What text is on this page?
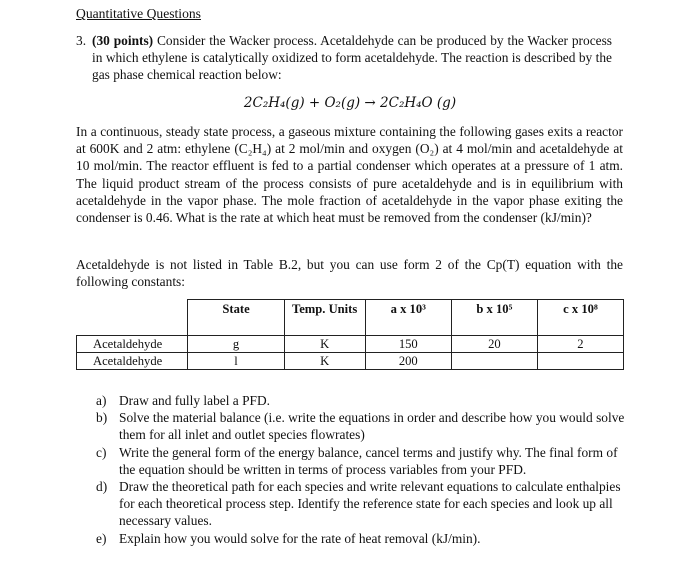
Quantitative Questions
3. (30 points) Consider the Wacker process. Acetaldehyde can be produced by the Wacker process in which ethylene is catalytically oxidized to form acetaldehyde. The reaction is described by the gas phase chemical reaction below:
2C₂H₄(g) + O₂(g) → 2C₂H₄O (g)
In a continuous, steady state process, a gaseous mixture containing the following gases exits a reactor at 600K and 2 atm: ethylene (C₂H₄) at 2 mol/min and oxygen (O₂) at 4 mol/min and acetaldehyde at 10 mol/min. The reactor effluent is fed to a partial condenser which operates at a pressure of 1 atm. The liquid product stream of the process consists of pure acetaldehyde and is in equilibrium with acetaldehyde in the vapor phase. The mole fraction of acetaldehyde in the vapor phase exiting the condenser is 0.46. What is the rate at which heat must be removed from the condenser (kJ/min)?
Acetaldehyde is not listed in Table B.2, but you can use form 2 of the Cp(T) equation with the following constants:
	State	Temp. Units	a x 10³	b x 10⁵	c x 10⁸
Acetaldehyde	g	K	150	20	2
Acetaldehyde	l	K	200		
a) Draw and fully label a PFD.
b) Solve the material balance (i.e. write the equations in order and describe how you would solve them for all inlet and outlet species flowrates)
c) Write the general form of the energy balance, cancel terms and justify why. The final form of the equation should be written in terms of process variables from your PFD.
d) Draw the theoretical path for each species and write relevant equations to calculate enthalpies for each theoretical process step. Identify the reference state for each species and look up all necessary values.
e) Explain how you would solve for the rate of heat removal (kJ/min).
